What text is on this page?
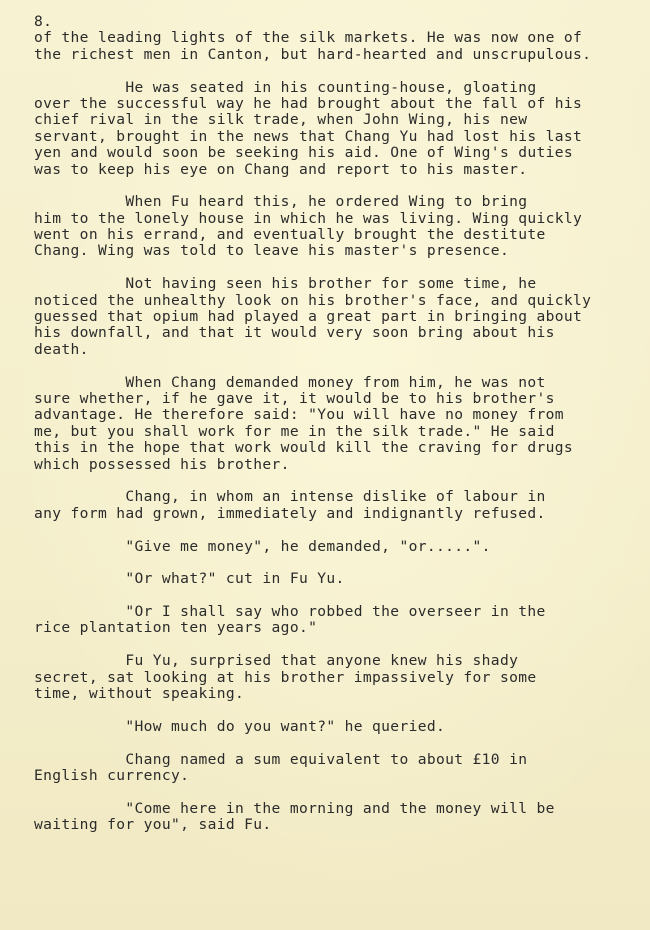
8.
of the leading lights of the silk markets. He was now one of
the richest men in Canton, but hard-hearted and unscrupulous.
He was seated in his counting-house, gloating
over the successful way he had brought about the fall of his
chief rival in the silk trade, when John Wing, his new
servant, brought in the news that Chang Yu had lost his last
yen and would soon be seeking his aid. One of Wing's duties
was to keep his eye on Chang and report to his master.
When Fu heard this, he ordered Wing to bring
him to the lonely house in which he was living. Wing quickly
went on his errand, and eventually brought the destitute
Chang. Wing was told to leave his master's presence.
Not having seen his brother for some time, he
noticed the unhealthy look on his brother's face, and quickly
guessed that opium had played a great part in bringing about
his downfall, and that it would very soon bring about his
death.
When Chang demanded money from him, he was not
sure whether, if he gave it, it would be to his brother's
advantage. He therefore said: "You will have no money from
me, but you shall work for me in the silk trade." He said
this in the hope that work would kill the craving for drugs
which possessed his brother.
Chang, in whom an intense dislike of labour in
any form had grown, immediately and indignantly refused.
"Give me money", he demanded, "or.....".
"Or what?" cut in Fu Yu.
"Or I shall say who robbed the overseer in the
rice plantation ten years ago."
Fu Yu, surprised that anyone knew his shady
secret, sat looking at his brother impassively for some
time, without speaking.
"How much do you want?" he queried.
Chang named a sum equivalent to about £10 in
English currency.
"Come here in the morning and the money will be
waiting for you", said Fu.
